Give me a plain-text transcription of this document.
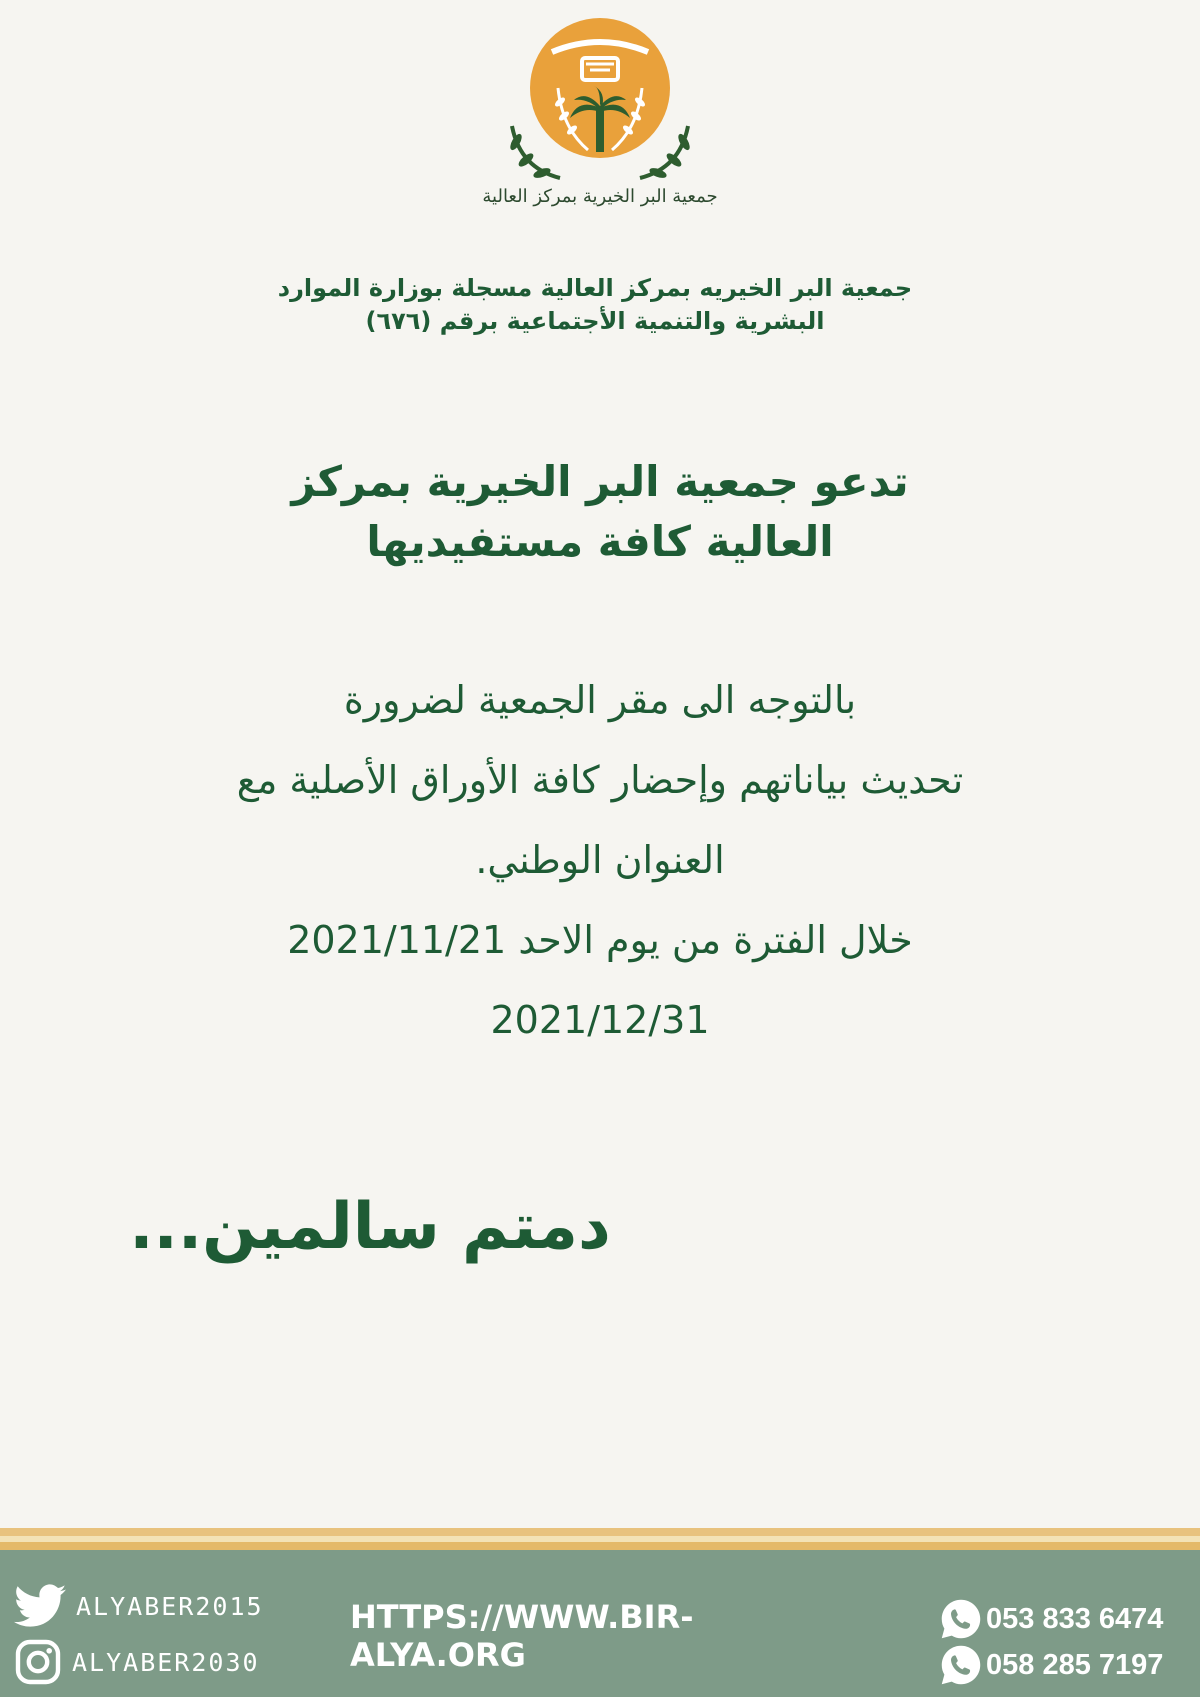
جمعية البر الخيرية بمركز العالية
جمعية البر الخيريه بمركز العالية مسجلة بوزارة الموارد
البشرية والتنمية الأجتماعية برقم (٦٧٦)
تدعو جمعية البر الخيرية بمركز
العالية كافة مستفيديها
بالتوجه الى مقر الجمعية لضرورة
تحديث بياناتهم وإحضار كافة الأوراق الأصلية مع
العنوان الوطني.
خلال الفترة من يوم الاحد 2021/11/21
2021/12/31
دمتم سالمين...
ALYABER2015
ALYABER2030
HTTPS://WWW.BIR-ALYA.ORG
053 833 6474
058 285 7197
